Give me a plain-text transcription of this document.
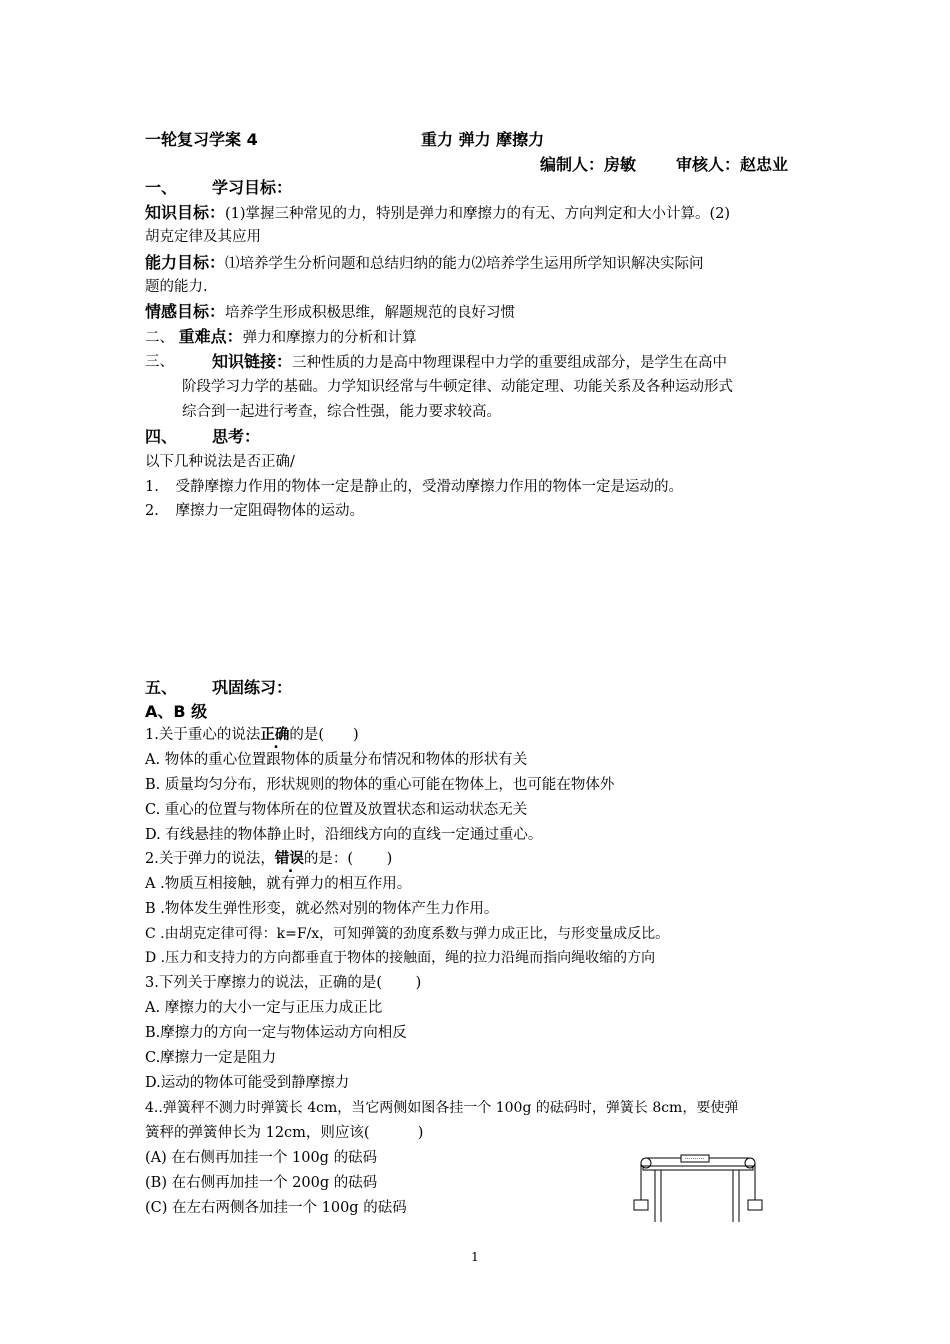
一轮复习学案 4	重力 弹力 摩擦力
编制人：房敏 审核人：赵忠业
一、 学习目标：
知识目标：(1)掌握三种常见的力，特别是弹力和摩擦力的有无、方向判定和大小计算。(2)
胡克定律及其应用
能力目标：⑴培养学生分析问题和总结归纳的能力⑵培养学生运用所学知识解决实际问
题的能力.
情感目标：培养学生形成积极思维，解题规范的良好习惯
二、 重难点：弹力和摩擦力的分析和计算
三、 知识链接：三种性质的力是高中物理课程中力学的重要组成部分，是学生在高中
阶段学习力学的基础。力学知识经常与牛顿定律、动能定理、功能关系及各种运动形式
综合到一起进行考查，综合性强，能力要求较高。
四、 思考：
以下几种说法是否正确/
1. 受静摩擦力作用的物体一定是静止的，受滑动摩擦力作用的物体一定是运动的。
2. 摩擦力一定阻碍物体的运动。
五、 巩固练习：
A、B 级
1.关于重心的说法正确的是(　　)
A. 物体的重心位置跟物体的质量分布情况和物体的形状有关
B. 质量均匀分布，形状规则的物体的重心可能在物体上，也可能在物体外
C. 重心的位置与物体所在的位置及放置状态和运动状态无关
D. 有线悬挂的物体静止时，沿细线方向的直线一定通过重心。
2.关于弹力的说法，错误的是：(　　 )
A .物质互相接触，就有弹力的相互作用。
B .物体发生弹性形变，就必然对别的物体产生力作用。
C .由胡克定律可得：k=F/x，可知弹簧的劲度系数与弹力成正比，与形变量成反比。
D .压力和支持力的方向都垂直于物体的接触面，绳的拉力沿绳而指向绳收缩的方向
3.下列关于摩擦力的说法，正确的是(　　 )
A. 摩擦力的大小一定与正压力成正比
B.摩擦力的方向一定与物体运动方向相反
C.摩擦力一定是阻力
D.运动的物体可能受到静摩擦力
4..弹簧秤不测力时弹簧长 4cm，当它两侧如图各挂一个 100g 的砝码时，弹簧长 8cm，要使弹
簧秤的弹簧伸长为 12cm，则应该(　　　 )
(A) 在右侧再加挂一个 100g 的砝码
(B) 在右侧再加挂一个 200g 的砝码
(C) 在左右两侧各加挂一个 100g 的砝码
1
